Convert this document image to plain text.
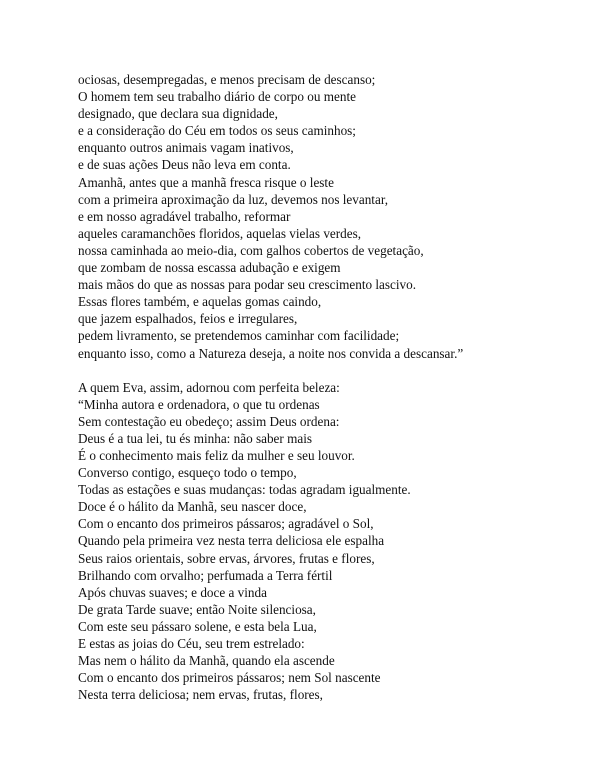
ociosas, desempregadas, e menos precisam de descanso;
O homem tem seu trabalho diário de corpo ou mente
designado, que declara sua dignidade,
e a consideração do Céu em todos os seus caminhos;
enquanto outros animais vagam inativos,
e de suas ações Deus não leva em conta.
Amanhã, antes que a manhã fresca risque o leste
com a primeira aproximação da luz, devemos nos levantar,
e em nosso agradável trabalho, reformar
aqueles caramanchões floridos, aquelas vielas verdes,
nossa caminhada ao meio-dia, com galhos cobertos de vegetação,
que zombam de nossa escassa adubação e exigem
mais mãos do que as nossas para podar seu crescimento lascivo.
Essas flores também, e aquelas gomas caindo,
que jazem espalhados, feios e irregulares,
pedem livramento, se pretendemos caminhar com facilidade;
enquanto isso, como a Natureza deseja, a noite nos convida a descansar.”

A quem Eva, assim, adornou com perfeita beleza:
“Minha autora e ordenadora, o que tu ordenas
Sem contestação eu obedeço; assim Deus ordena:
Deus é a tua lei, tu és minha: não saber mais
É o conhecimento mais feliz da mulher e seu louvor.
Converso contigo, esqueço todo o tempo,
Todas as estações e suas mudanças: todas agradam igualmente.
Doce é o hálito da Manhã, seu nascer doce,
Com o encanto dos primeiros pássaros; agradável o Sol,
Quando pela primeira vez nesta terra deliciosa ele espalha
Seus raios orientais, sobre ervas, árvores, frutas e flores,
Brilhando com orvalho; perfumada a Terra fértil
Após chuvas suaves; e doce a vinda
De grata Tarde suave; então Noite silenciosa,
Com este seu pássaro solene, e esta bela Lua,
E estas as joias do Céu, seu trem estrelado:
Mas nem o hálito da Manhã, quando ela ascende
Com o encanto dos primeiros pássaros; nem Sol nascente
Nesta terra deliciosa; nem ervas, frutas, flores,
